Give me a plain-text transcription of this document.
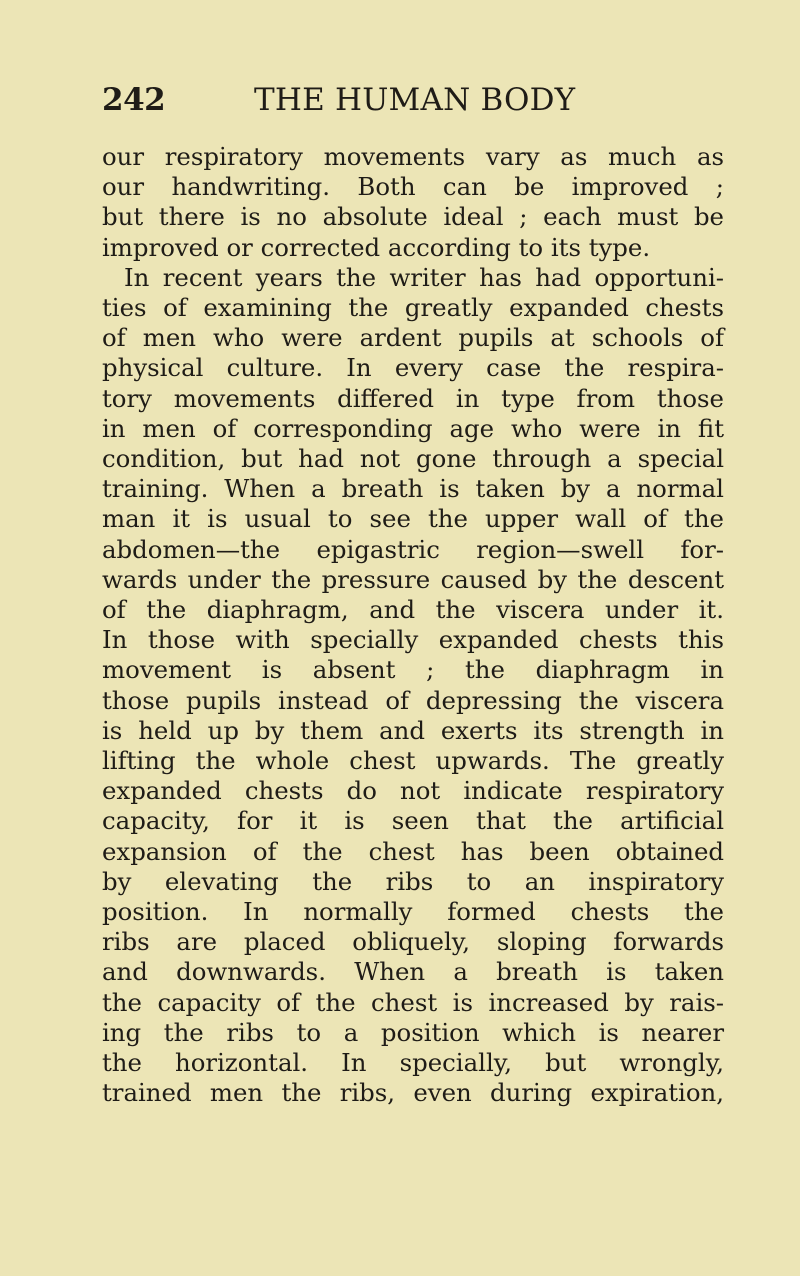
242	THE HUMAN BODY
our respiratory movements vary as much as
our handwriting. Both can be improved ;
but there is no absolute ideal ; each must be
improved or corrected according to its type.
In recent years the writer has had opportuni-
ties of examining the greatly expanded chests
of men who were ardent pupils at schools of
physical culture. In every case the respira-
tory movements differed in type from those
in men of corresponding age who were in fit
condition, but had not gone through a special
training. When a breath is taken by a normal
man it is usual to see the upper wall of the
abdomen—the epigastric region—swell for-
wards under the pressure caused by the descent
of the diaphragm, and the viscera under it.
In those with specially expanded chests this
movement is absent ; the diaphragm in
those pupils instead of depressing the viscera
is held up by them and exerts its strength in
lifting the whole chest upwards. The greatly
expanded chests do not indicate respiratory
capacity, for it is seen that the artificial
expansion of the chest has been obtained
by elevating the ribs to an inspiratory
position. In normally formed chests the
ribs are placed obliquely, sloping forwards
and downwards. When a breath is taken
the capacity of the chest is increased by rais-
ing the ribs to a position which is nearer
the horizontal. In specially, but wrongly,
trained men the ribs, even during expiration,
